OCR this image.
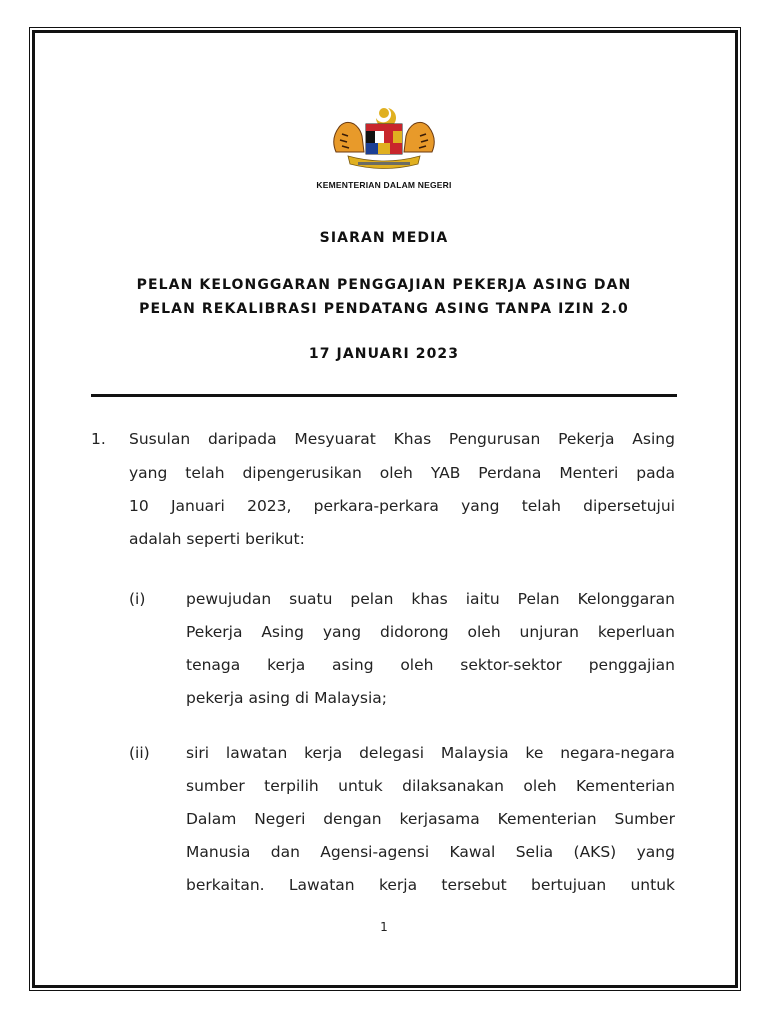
KEMENTERIAN DALAM NEGERI
SIARAN MEDIA
PELAN KELONGGARAN PENGGAJIAN PEKERJA ASING DAN
PELAN REKALIBRASI PENDATANG ASING TANPA IZIN 2.0
17 JANUARI 2023
1. Susulan daripada Mesyuarat Khas Pengurusan Pekerja Asing
yang telah dipengerusikan oleh YAB Perdana Menteri pada
10 Januari 2023, perkara-perkara yang telah dipersetujui
adalah seperti berikut:
(i)	pewujudan suatu pelan khas iaitu Pelan Kelonggaran
Pekerja Asing yang didorong oleh unjuran keperluan
tenaga kerja asing oleh sektor-sektor penggajian
pekerja asing di Malaysia;
(ii) siri lawatan kerja delegasi Malaysia ke negara-negara
sumber terpilih untuk dilaksanakan oleh Kementerian
Dalam Negeri dengan kerjasama Kementerian Sumber
Manusia dan Agensi-agensi Kawal Selia (AKS) yang
berkaitan. Lawatan kerja tersebut bertujuan untuk
1
